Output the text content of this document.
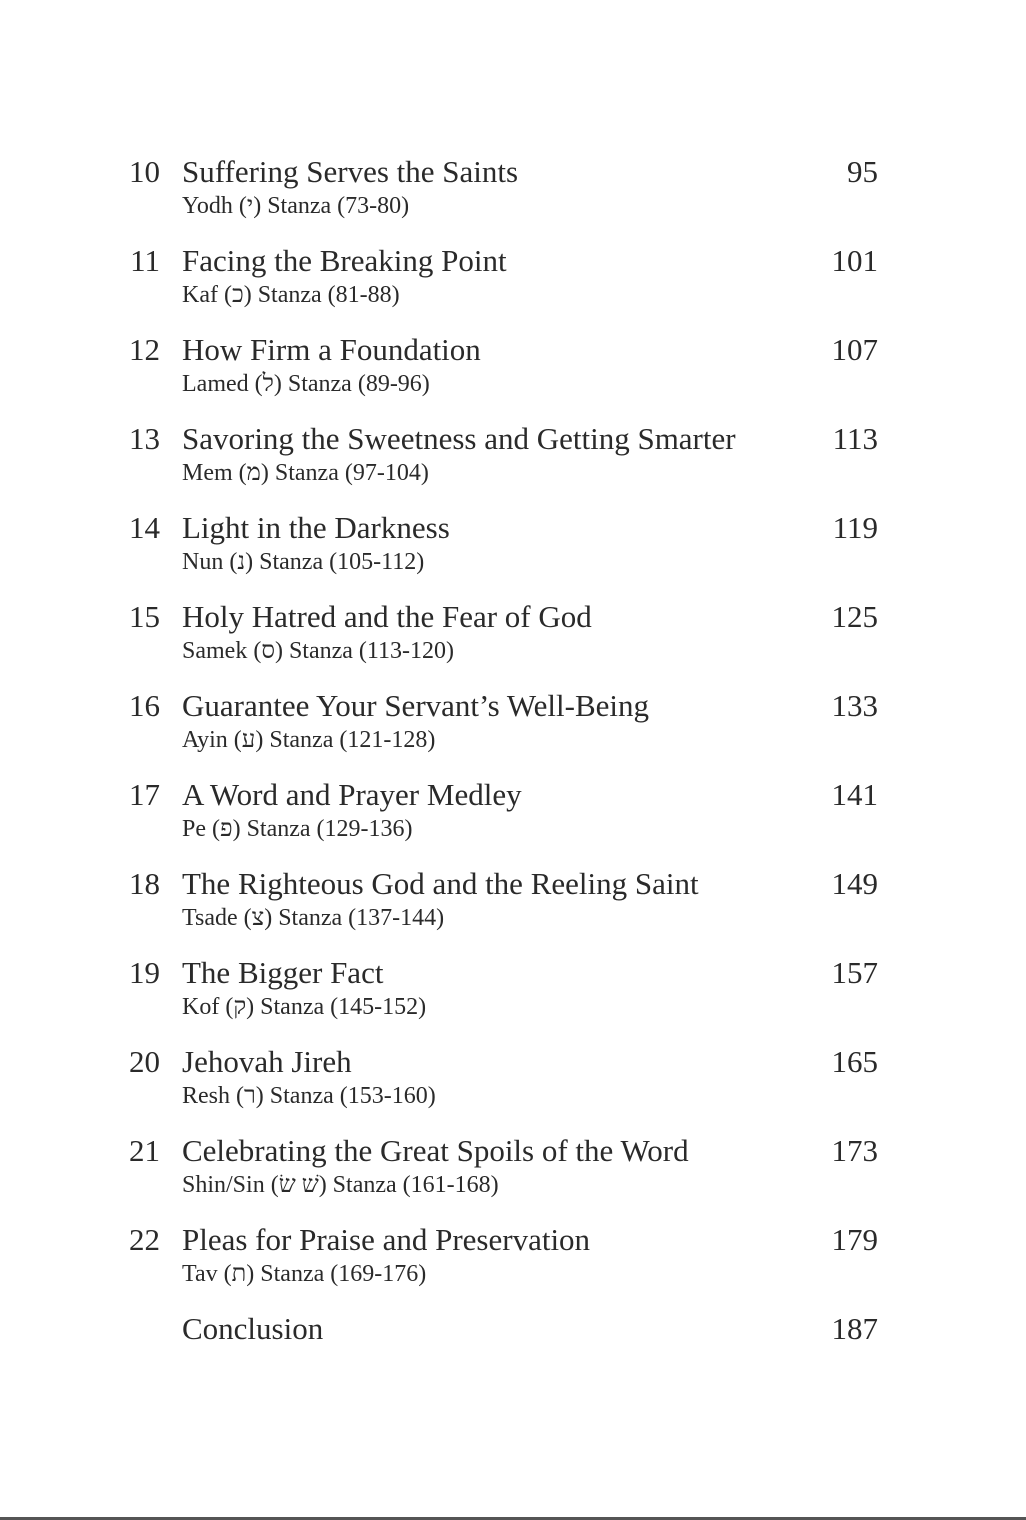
10 Suffering Serves the Saints
Yodh (י) Stanza (73-80)
95
11 Facing the Breaking Point
Kaf (כ) Stanza (81-88)
101
12 How Firm a Foundation
Lamed (ל) Stanza (89-96)
107
13 Savoring the Sweetness and Getting Smarter
Mem (מ) Stanza (97-104)
113
14 Light in the Darkness
Nun (נ) Stanza (105-112)
119
15 Holy Hatred and the Fear of God
Samek (ס) Stanza (113-120)
125
16 Guarantee Your Servant’s Well-Being
Ayin (ע) Stanza (121-128)
133
17 A Word and Prayer Medley
Pe (פ) Stanza (129-136)
141
18 The Righteous God and the Reeling Saint
Tsade (צ) Stanza (137-144)
149
19 The Bigger Fact
Kof (ק) Stanza (145-152)
157
20 Jehovah Jireh
Resh (ר) Stanza (153-160)
165
21 Celebrating the Great Spoils of the Word
Shin/Sin (שׁ שׂ) Stanza (161-168)
173
22 Pleas for Praise and Preservation
Tav (ת) Stanza (169-176)
179
Conclusion	187
